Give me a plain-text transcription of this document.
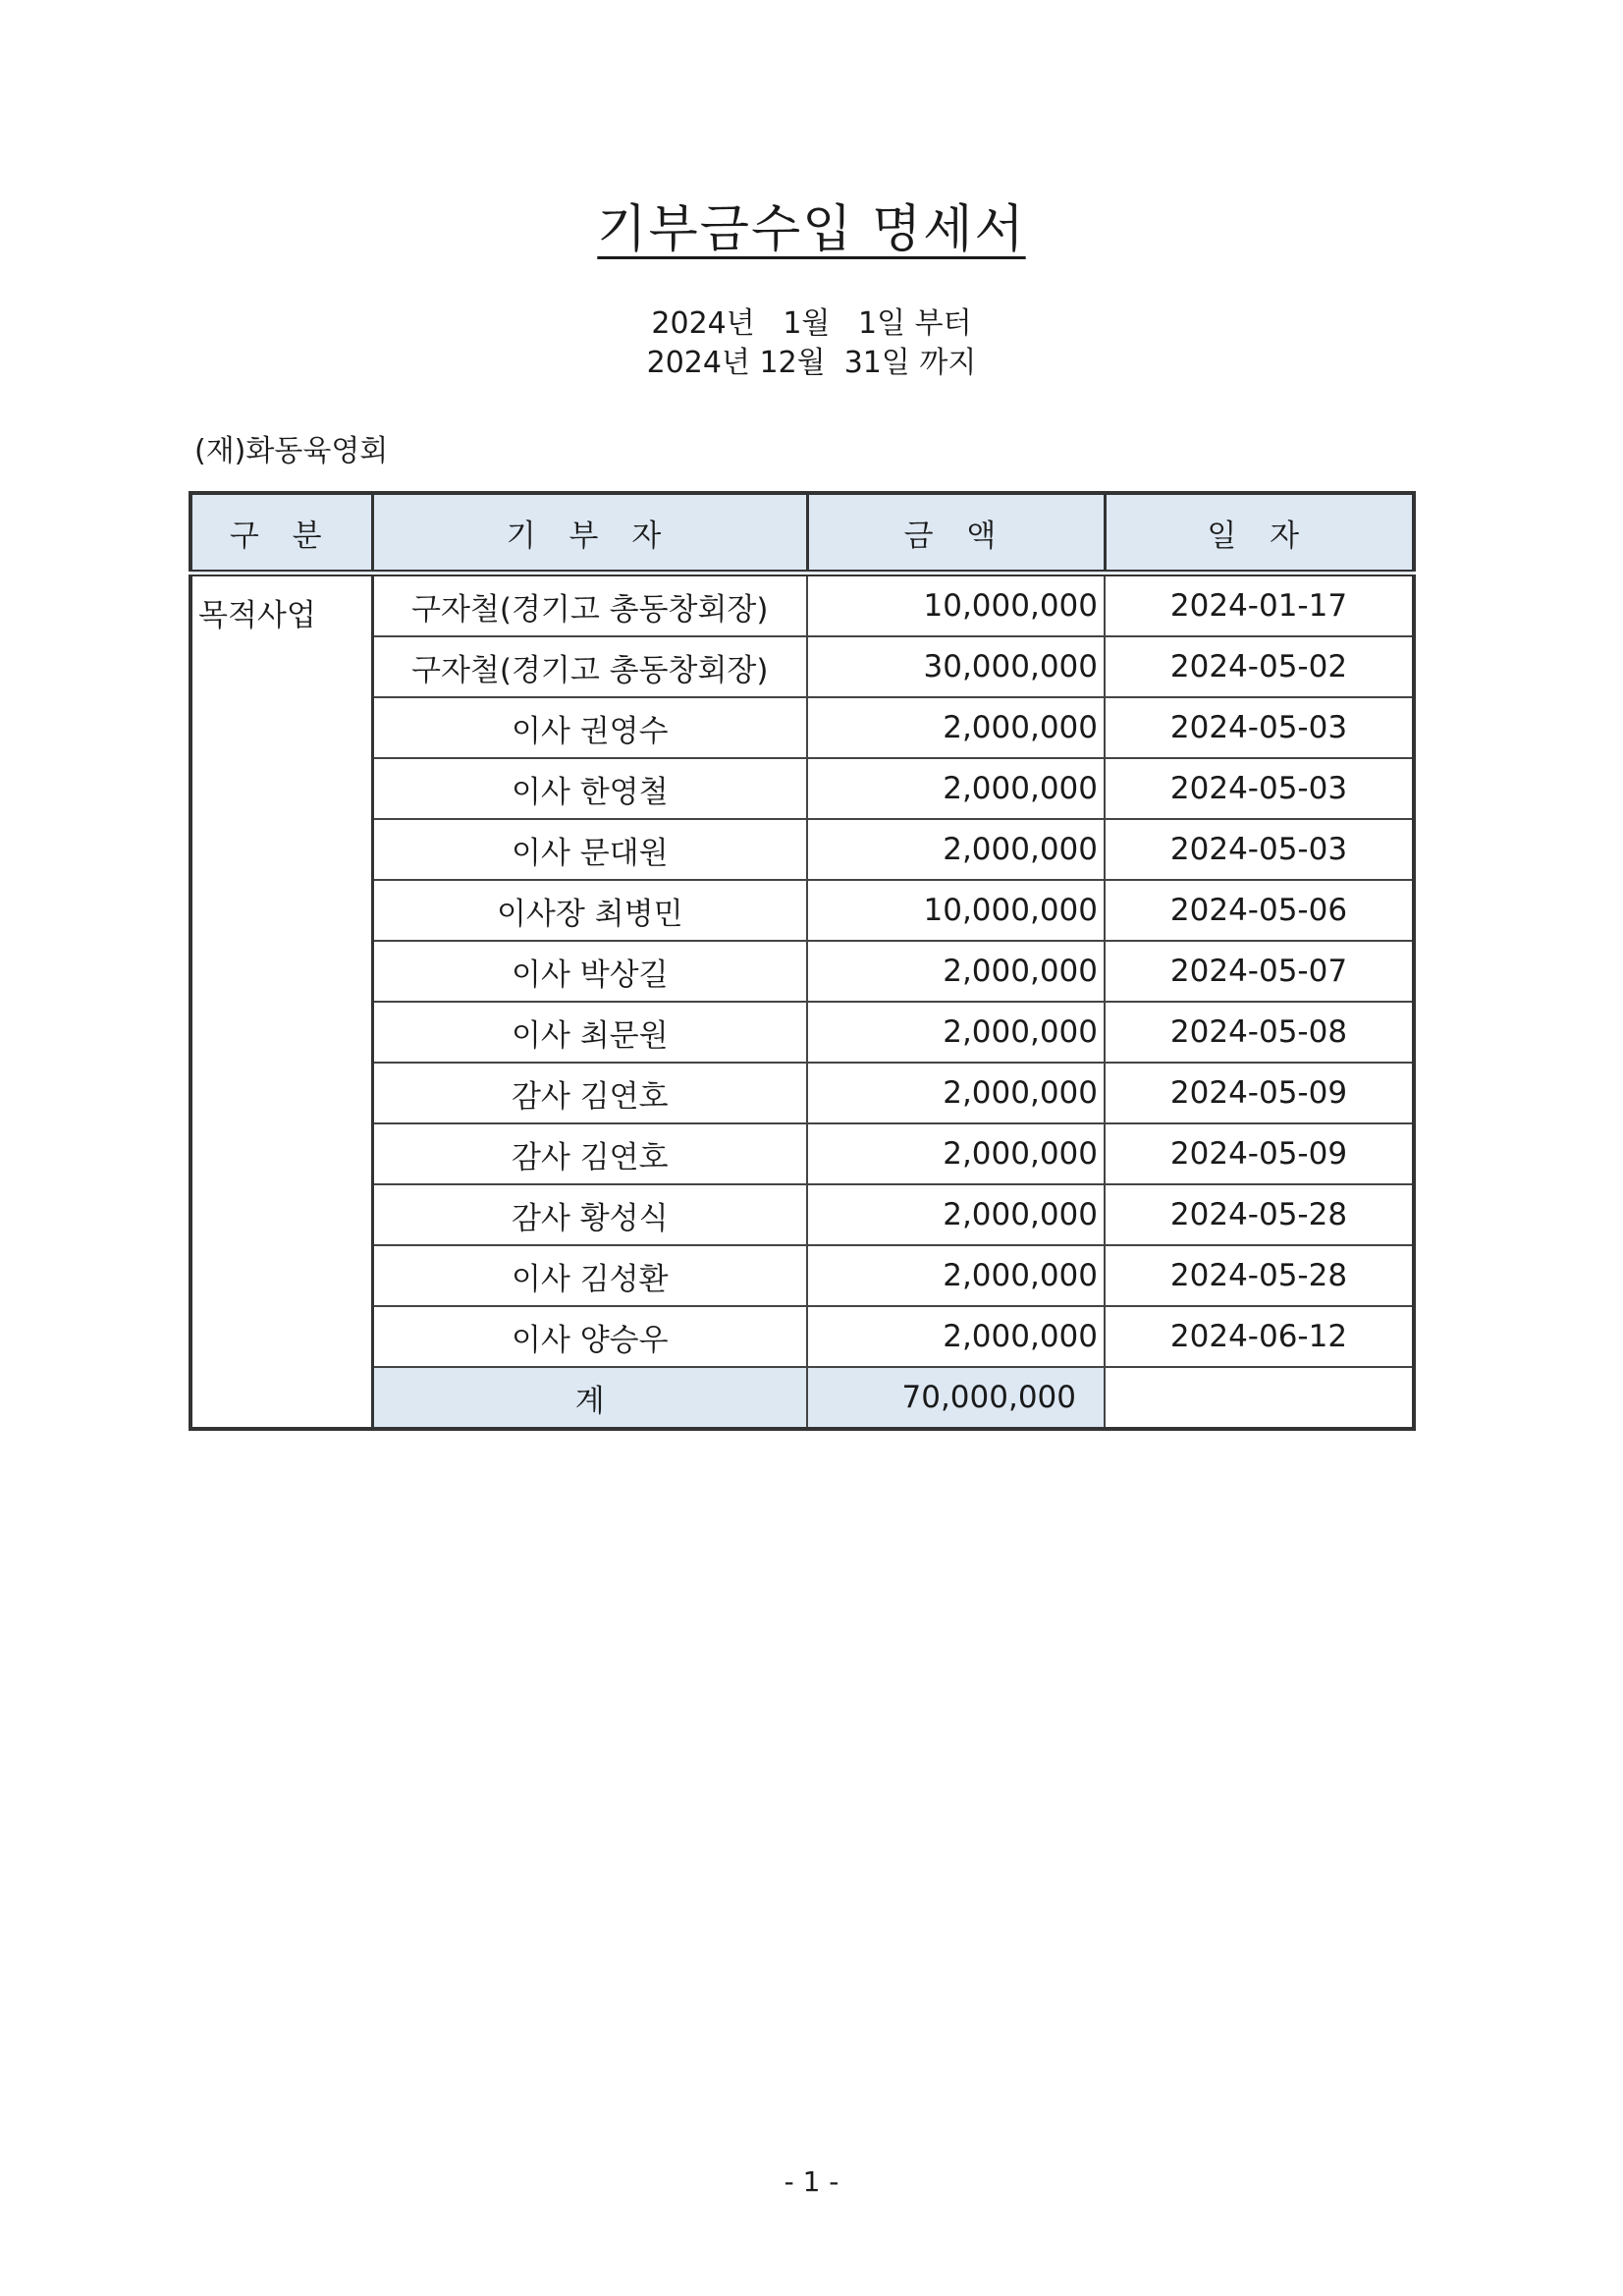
기부금수입 명세서
2024년   1월   1일 부터
2024년 12월  31일 까지
(재)화동육영회
구 분	기 부 자	금 액	일 자
목적사업	구자철(경기고 총동창회장)	10,000,000	2024-01-17
	구자철(경기고 총동창회장)	30,000,000	2024-05-02
	이사 권영수	2,000,000	2024-05-03
	이사 한영철	2,000,000	2024-05-03
	이사 문대원	2,000,000	2024-05-03
	이사장 최병민	10,000,000	2024-05-06
	이사 박상길	2,000,000	2024-05-07
	이사 최문원	2,000,000	2024-05-08
	감사 김연호	2,000,000	2024-05-09
	감사 김연호	2,000,000	2024-05-09
	감사 황성식	2,000,000	2024-05-28
	이사 김성환	2,000,000	2024-05-28
	이사 양승우	2,000,000	2024-06-12
	계	70,000,000	
- 1 -
